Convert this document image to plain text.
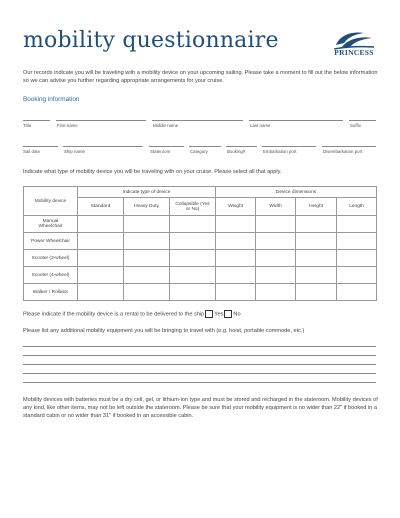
mobility questionnaire	PRINCESS
Our records indicate you will be traveling with a mobility device on your upcoming sailing. Please take a moment to fill out the below information so we can advise you further regarding appropriate arrangements for your cruise.
Booking information
Title	First name	Middle name	Last name	Suffix
Sail date	Ship name	Stateroom	Category	Booking#	Embarkation port	Disembarkation port
Indicate what type of mobility device you will be traveling with on your cruise. Please select all that apply.
Mobility device	Indicate type of device			Device dimensions			
	Standard	Heavy Duty	Collapsible (Yes or No)	Weight	Width	Height	Length
Manual Wheelchair							
Power Wheelchair							
Scooter (3-wheel)							
Scooter (4-wheel)							
Walker / Rollator							
Please indicate if the mobility device is a rental to be delivered to the ship Yes No
Please list any additional mobility equipment you will be bringing to travel with (e.g. hoist, portable commode, etc.)
Mobility devices with batteries must be a dry cell, gel, or lithium-ion type and must be stored and recharged in the stateroom. Mobility devices of any kind, like other items, may not be left outside the stateroom. Please be sure that your mobility equipment is no wider than 22" if booked in a standard cabin or no wider than 31" if booked in an accessible cabin.
